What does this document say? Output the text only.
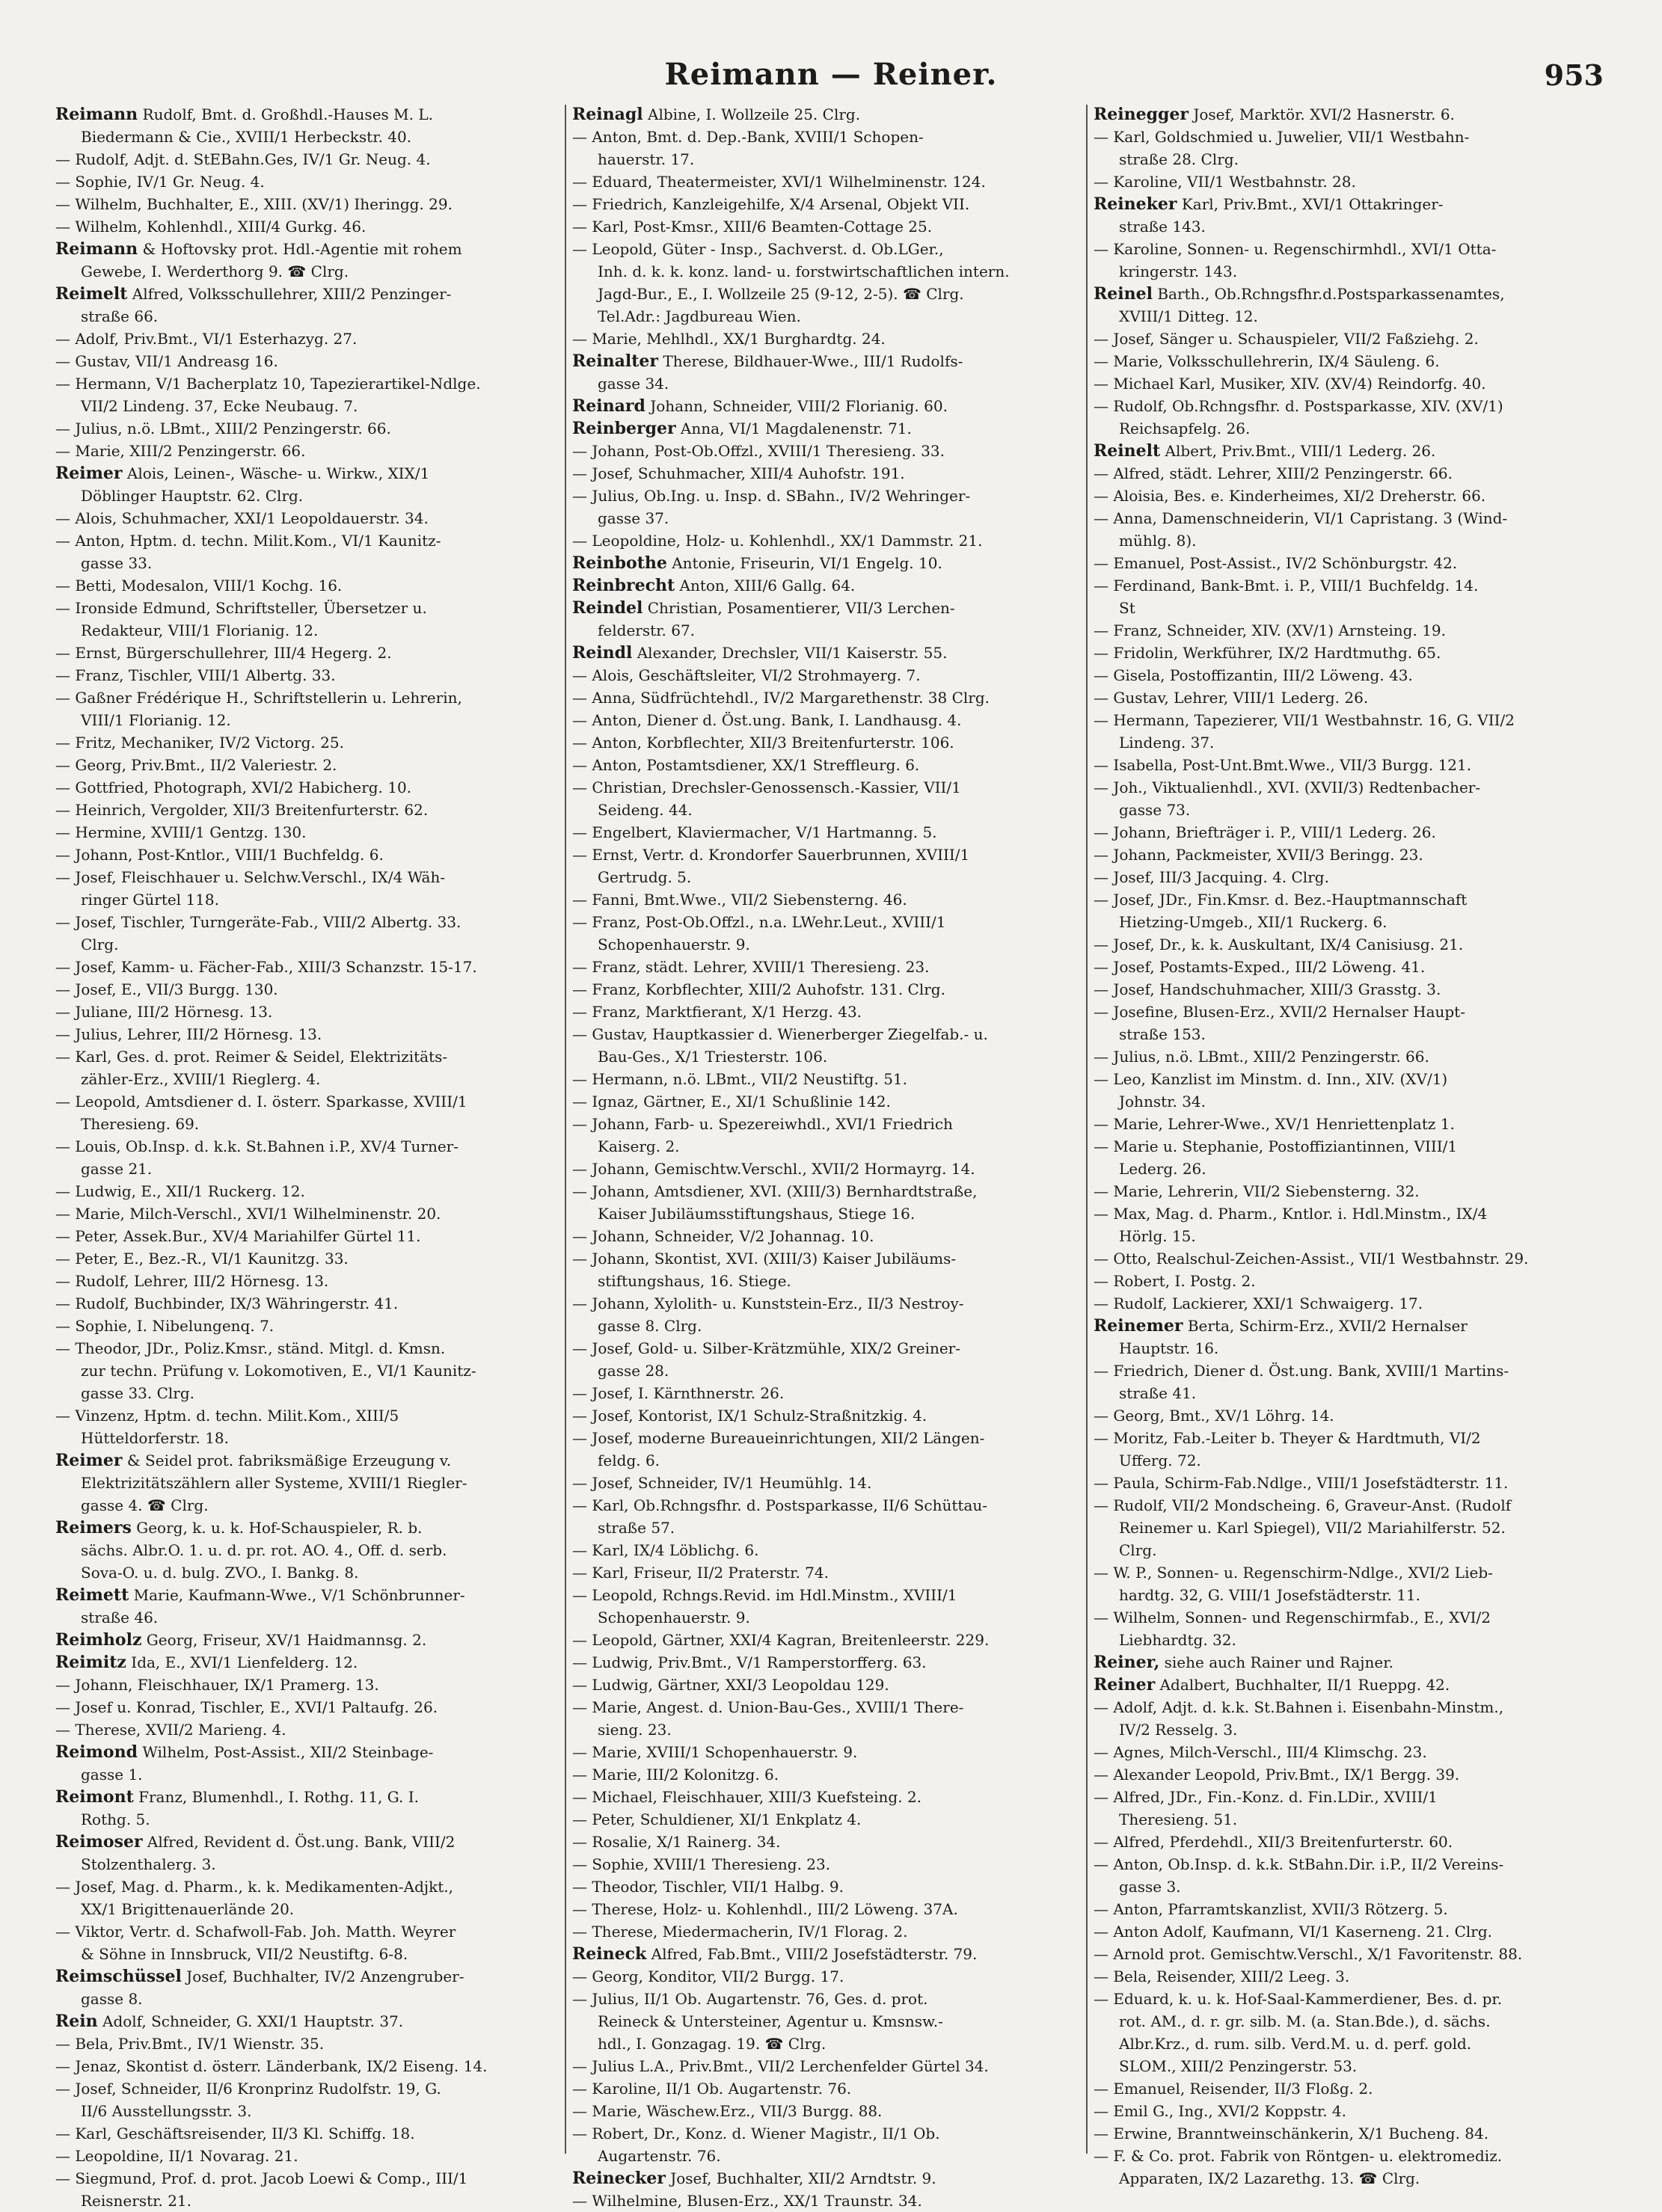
Reimann — Reiner.	953
Reimann Rudolf, Bmt. d. Großhdl.-Hauses M. L.
Biedermann & Cie., XVIII/1 Herbeckstr. 40.
— Rudolf, Adjt. d. StEBahn.Ges, IV/1 Gr. Neug. 4.
— Sophie, IV/1 Gr. Neug. 4.
— Wilhelm, Buchhalter, E., XIII. (XV/1) Iheringg. 29.
— Wilhelm, Kohlenhdl., XIII/4 Gurkg. 46.
Reimann & Hoftovsky prot. Hdl.-Agentie mit rohem
Gewebe, I. Werderthorg 9. ☎ Clrg.
Reimelt Alfred, Volksschullehrer, XIII/2 Penzinger-
straße 66.
— Adolf, Priv.Bmt., VI/1 Esterhazyg. 27.
— Gustav, VII/1 Andreasg 16.
— Hermann, V/1 Bacherplatz 10, Tapezierartikel-Ndlge.
VII/2 Lindeng. 37, Ecke Neubaug. 7.
— Julius, n.ö. LBmt., XIII/2 Penzingerstr. 66.
— Marie, XIII/2 Penzingerstr. 66.
Reimer Alois, Leinen-, Wäsche- u. Wirkw., XIX/1
Döblinger Hauptstr. 62. Clrg.
— Alois, Schuhmacher, XXI/1 Leopoldauerstr. 34.
— Anton, Hptm. d. techn. Milit.Kom., VI/1 Kaunitz-
gasse 33.
— Betti, Modesalon, VIII/1 Kochg. 16.
— Ironside Edmund, Schriftsteller, Übersetzer u.
Redakteur, VIII/1 Florianig. 12.
— Ernst, Bürgerschullehrer, III/4 Hegerg. 2.
— Franz, Tischler, VIII/1 Albertg. 33.
— Gaßner Frédérique H., Schriftstellerin u. Lehrerin,
VIII/1 Florianig. 12.
— Fritz, Mechaniker, IV/2 Victorg. 25.
— Georg, Priv.Bmt., II/2 Valeriestr. 2.
— Gottfried, Photograph, XVI/2 Habicherg. 10.
— Heinrich, Vergolder, XII/3 Breitenfurterstr. 62.
— Hermine, XVIII/1 Gentzg. 130.
— Johann, Post-Kntlor., VIII/1 Buchfeldg. 6.
— Josef, Fleischhauer u. Selchw.Verschl., IX/4 Wäh-
ringer Gürtel 118.
— Josef, Tischler, Turngeräte-Fab., VIII/2 Albertg. 33.
Clrg.
— Josef, Kamm- u. Fächer-Fab., XIII/3 Schanzstr. 15-17.
— Josef, E., VII/3 Burgg. 130.
— Juliane, III/2 Hörnesg. 13.
— Julius, Lehrer, III/2 Hörnesg. 13.
— Karl, Ges. d. prot. Reimer & Seidel, Elektrizitäts-
zähler-Erz., XVIII/1 Rieglerg. 4.
— Leopold, Amtsdiener d. I. österr. Sparkasse, XVIII/1
Theresieng. 69.
— Louis, Ob.Insp. d. k.k. St.Bahnen i.P., XV/4 Turner-
gasse 21.
— Ludwig, E., XII/1 Ruckerg. 12.
— Marie, Milch-Verschl., XVI/1 Wilhelminenstr. 20.
— Peter, Assek.Bur., XV/4 Mariahilfer Gürtel 11.
— Peter, E., Bez.-R., VI/1 Kaunitzg. 33.
— Rudolf, Lehrer, III/2 Hörnesg. 13.
— Rudolf, Buchbinder, IX/3 Währingerstr. 41.
— Sophie, I. Nibelungenq. 7.
— Theodor, JDr., Poliz.Kmsr., ständ. Mitgl. d. Kmsn.
zur techn. Prüfung v. Lokomotiven, E., VI/1 Kaunitz-
gasse 33. Clrg.
— Vinzenz, Hptm. d. techn. Milit.Kom., XIII/5
Hütteldorferstr. 18.
Reimer & Seidel prot. fabriksmäßige Erzeugung v.
Elektrizitätszählern aller Systeme, XVIII/1 Riegler-
gasse 4. ☎ Clrg.
Reimers Georg, k. u. k. Hof-Schauspieler, R. b.
sächs. Albr.O. 1. u. d. pr. rot. AO. 4., Off. d. serb.
Sova-O. u. d. bulg. ZVO., I. Bankg. 8.
Reimett Marie, Kaufmann-Wwe., V/1 Schönbrunner-
straße 46.
Reimholz Georg, Friseur, XV/1 Haidmannsg. 2.
Reimitz Ida, E., XVI/1 Lienfelderg. 12.
— Johann, Fleischhauer, IX/1 Pramerg. 13.
— Josef u. Konrad, Tischler, E., XVI/1 Paltaufg. 26.
— Therese, XVII/2 Marieng. 4.
Reimond Wilhelm, Post-Assist., XII/2 Steinbage-
gasse 1.
Reimont Franz, Blumenhdl., I. Rothg. 11, G. I.
Rothg. 5.
Reimoser Alfred, Revident d. Öst.ung. Bank, VIII/2
Stolzenthalerg. 3.
— Josef, Mag. d. Pharm., k. k. Medikamenten-Adjkt.,
XX/1 Brigittenauerlände 20.
— Viktor, Vertr. d. Schafwoll-Fab. Joh. Matth. Weyrer
& Söhne in Innsbruck, VII/2 Neustiftg. 6-8.
Reimschüssel Josef, Buchhalter, IV/2 Anzengruber-
gasse 8.
Rein Adolf, Schneider, G. XXI/1 Hauptstr. 37.
— Bela, Priv.Bmt., IV/1 Wienstr. 35.
— Jenaz, Skontist d. österr. Länderbank, IX/2 Eiseng. 14.
— Josef, Schneider, II/6 Kronprinz Rudolfstr. 19, G.
II/6 Ausstellungsstr. 3.
— Karl, Geschäftsreisender, II/3 Kl. Schiffg. 18.
— Leopoldine, II/1 Novarag. 21.
— Siegmund, Prof. d. prot. Jacob Loewi & Comp., III/1
Reisnerstr. 21.
Reinagl Albine, I. Wollzeile 25. Clrg.
— Anton, Bmt. d. Dep.-Bank, XVIII/1 Schopen-
hauerstr. 17.
— Eduard, Theatermeister, XVI/1 Wilhelminenstr. 124.
— Friedrich, Kanzleigehilfe, X/4 Arsenal, Objekt VII.
— Karl, Post-Kmsr., XIII/6 Beamten-Cottage 25.
— Leopold, Güter - Insp., Sachverst. d. Ob.LGer.,
Inh. d. k. k. konz. land- u. forstwirtschaftlichen intern.
Jagd-Bur., E., I. Wollzeile 25 (9-12, 2-5). ☎ Clrg.
Tel.Adr.: Jagdbureau Wien.
— Marie, Mehlhdl., XX/1 Burghardtg. 24.
Reinalter Therese, Bildhauer-Wwe., III/1 Rudolfs-
gasse 34.
Reinard Johann, Schneider, VIII/2 Florianig. 60.
Reinberger Anna, VI/1 Magdalenenstr. 71.
— Johann, Post-Ob.Offzl., XVIII/1 Theresieng. 33.
— Josef, Schuhmacher, XIII/4 Auhofstr. 191.
— Julius, Ob.Ing. u. Insp. d. SBahn., IV/2 Wehringer-
gasse 37.
— Leopoldine, Holz- u. Kohlenhdl., XX/1 Dammstr. 21.
Reinbothe Antonie, Friseurin, VI/1 Engelg. 10.
Reinbrecht Anton, XIII/6 Gallg. 64.
Reindel Christian, Posamentierer, VII/3 Lerchen-
felderstr. 67.
Reindl Alexander, Drechsler, VII/1 Kaiserstr. 55.
— Alois, Geschäftsleiter, VI/2 Strohmayerg. 7.
— Anna, Südfrüchtehdl., IV/2 Margarethenstr. 38 Clrg.
— Anton, Diener d. Öst.ung. Bank, I. Landhausg. 4.
— Anton, Korbflechter, XII/3 Breitenfurterstr. 106.
— Anton, Postamtsdiener, XX/1 Streffleurg. 6.
— Christian, Drechsler-Genossensch.-Kassier, VII/1
Seideng. 44.
— Engelbert, Klaviermacher, V/1 Hartmanng. 5.
— Ernst, Vertr. d. Krondorfer Sauerbrunnen, XVIII/1
Gertrudg. 5.
— Fanni, Bmt.Wwe., VII/2 Siebensterng. 46.
— Franz, Post-Ob.Offzl., n.a. LWehr.Leut., XVIII/1
Schopenhauerstr. 9.
— Franz, städt. Lehrer, XVIII/1 Theresieng. 23.
— Franz, Korbflechter, XIII/2 Auhofstr. 131. Clrg.
— Franz, Marktfierant, X/1 Herzg. 43.
— Gustav, Hauptkassier d. Wienerberger Ziegelfab.- u.
Bau-Ges., X/1 Triesterstr. 106.
— Hermann, n.ö. LBmt., VII/2 Neustiftg. 51.
— Ignaz, Gärtner, E., XI/1 Schußlinie 142.
— Johann, Farb- u. Spezereiwhdl., XVI/1 Friedrich
Kaiserg. 2.
— Johann, Gemischtw.Verschl., XVII/2 Hormayrg. 14.
— Johann, Amtsdiener, XVI. (XIII/3) Bernhardtstraße,
Kaiser Jubiläumsstiftungshaus, Stiege 16.
— Johann, Schneider, V/2 Johannag. 10.
— Johann, Skontist, XVI. (XIII/3) Kaiser Jubiläums-
stiftungshaus, 16. Stiege.
— Johann, Xylolith- u. Kunststein-Erz., II/3 Nestroy-
gasse 8. Clrg.
— Josef, Gold- u. Silber-Krätzmühle, XIX/2 Greiner-
gasse 28.
— Josef, I. Kärnthnerstr. 26.
— Josef, Kontorist, IX/1 Schulz-Straßnitzkig. 4.
— Josef, moderne Bureaueinrichtungen, XII/2 Längen-
feldg. 6.
— Josef, Schneider, IV/1 Heumühlg. 14.
— Karl, Ob.Rchngsfhr. d. Postsparkasse, II/6 Schüttau-
straße 57.
— Karl, IX/4 Löblichg. 6.
— Karl, Friseur, II/2 Praterstr. 74.
— Leopold, Rchngs.Revid. im Hdl.Minstm., XVIII/1
Schopenhauerstr. 9.
— Leopold, Gärtner, XXI/4 Kagran, Breitenleerstr. 229.
— Ludwig, Priv.Bmt., V/1 Ramperstorfferg. 63.
— Ludwig, Gärtner, XXI/3 Leopoldau 129.
— Marie, Angest. d. Union-Bau-Ges., XVIII/1 There-
sieng. 23.
— Marie, XVIII/1 Schopenhauerstr. 9.
— Marie, III/2 Kolonitzg. 6.
— Michael, Fleischhauer, XIII/3 Kuefsteing. 2.
— Peter, Schuldiener, XI/1 Enkplatz 4.
— Rosalie, X/1 Rainerg. 34.
— Sophie, XVIII/1 Theresieng. 23.
— Theodor, Tischler, VII/1 Halbg. 9.
— Therese, Holz- u. Kohlenhdl., III/2 Löweng. 37A.
— Therese, Miedermacherin, IV/1 Florag. 2.
Reineck Alfred, Fab.Bmt., VIII/2 Josefstädterstr. 79.
— Georg, Konditor, VII/2 Burgg. 17.
— Julius, II/1 Ob. Augartenstr. 76, Ges. d. prot.
Reineck & Untersteiner, Agentur u. Kmsnsw.-
hdl., I. Gonzagag. 19. ☎ Clrg.
— Julius L.A., Priv.Bmt., VII/2 Lerchenfelder Gürtel 34.
— Karoline, II/1 Ob. Augartenstr. 76.
— Marie, Wäschew.Erz., VII/3 Burgg. 88.
— Robert, Dr., Konz. d. Wiener Magistr., II/1 Ob.
Augartenstr. 76.
Reinecker Josef, Buchhalter, XII/2 Arndtstr. 9.
— Wilhelmine, Blusen-Erz., XX/1 Traunstr. 34.
Reinegger Josef, Marktör. XVI/2 Hasnerstr. 6.
— Karl, Goldschmied u. Juwelier, VII/1 Westbahn-
straße 28. Clrg.
— Karoline, VII/1 Westbahnstr. 28.
Reineker Karl, Priv.Bmt., XVI/1 Ottakringer-
straße 143.
— Karoline, Sonnen- u. Regenschirmhdl., XVI/1 Otta-
kringerstr. 143.
Reinel Barth., Ob.Rchngsfhr.d.Postsparkassenamtes,
XVIII/1 Ditteg. 12.
— Josef, Sänger u. Schauspieler, VII/2 Faßziehg. 2.
— Marie, Volksschullehrerin, IX/4 Säuleng. 6.
— Michael Karl, Musiker, XIV. (XV/4) Reindorfg. 40.
— Rudolf, Ob.Rchngsfhr. d. Postsparkasse, XIV. (XV/1)
Reichsapfelg. 26.
Reinelt Albert, Priv.Bmt., VIII/1 Lederg. 26.
— Alfred, städt. Lehrer, XIII/2 Penzingerstr. 66.
— Aloisia, Bes. e. Kinderheimes, XI/2 Dreherstr. 66.
— Anna, Damenschneiderin, VI/1 Capristang. 3 (Wind-
mühlg. 8).
— Emanuel, Post-Assist., IV/2 Schönburgstr. 42.
— Ferdinand, Bank-Bmt. i. P., VIII/1 Buchfeldg. 14.
St
— Franz, Schneider, XIV. (XV/1) Arnsteing. 19.
— Fridolin, Werkführer, IX/2 Hardtmuthg. 65.
— Gisela, Postoffizantin, III/2 Löweng. 43.
— Gustav, Lehrer, VIII/1 Lederg. 26.
— Hermann, Tapezierer, VII/1 Westbahnstr. 16, G. VII/2
Lindeng. 37.
— Isabella, Post-Unt.Bmt.Wwe., VII/3 Burgg. 121.
— Joh., Viktualienhdl., XVI. (XVII/3) Redtenbacher-
gasse 73.
— Johann, Briefträger i. P., VIII/1 Lederg. 26.
— Johann, Packmeister, XVII/3 Beringg. 23.
— Josef, III/3 Jacquing. 4. Clrg.
— Josef, JDr., Fin.Kmsr. d. Bez.-Hauptmannschaft
Hietzing-Umgeb., XII/1 Ruckerg. 6.
— Josef, Dr., k. k. Auskultant, IX/4 Canisiusg. 21.
— Josef, Postamts-Exped., III/2 Löweng. 41.
— Josef, Handschuhmacher, XIII/3 Grasstg. 3.
— Josefine, Blusen-Erz., XVII/2 Hernalser Haupt-
straße 153.
— Julius, n.ö. LBmt., XIII/2 Penzingerstr. 66.
— Leo, Kanzlist im Minstm. d. Inn., XIV. (XV/1)
Johnstr. 34.
— Marie, Lehrer-Wwe., XV/1 Henriettenplatz 1.
— Marie u. Stephanie, Postoffiziantinnen, VIII/1
Lederg. 26.
— Marie, Lehrerin, VII/2 Siebensterng. 32.
— Max, Mag. d. Pharm., Kntlor. i. Hdl.Minstm., IX/4
Hörlg. 15.
— Otto, Realschul-Zeichen-Assist., VII/1 Westbahnstr. 29.
— Robert, I. Postg. 2.
— Rudolf, Lackierer, XXI/1 Schwaigerg. 17.
Reinemer Berta, Schirm-Erz., XVII/2 Hernalser
Hauptstr. 16.
— Friedrich, Diener d. Öst.ung. Bank, XVIII/1 Martins-
straße 41.
— Georg, Bmt., XV/1 Löhrg. 14.
— Moritz, Fab.-Leiter b. Theyer & Hardtmuth, VI/2
Ufferg. 72.
— Paula, Schirm-Fab.Ndlge., VIII/1 Josefstädterstr. 11.
— Rudolf, VII/2 Mondscheing. 6, Graveur-Anst. (Rudolf
Reinemer u. Karl Spiegel), VII/2 Mariahilferstr. 52.
Clrg.
— W. P., Sonnen- u. Regenschirm-Ndlge., XVI/2 Lieb-
hardtg. 32, G. VIII/1 Josefstädterstr. 11.
— Wilhelm, Sonnen- und Regenschirmfab., E., XVI/2
Liebhardtg. 32.
Reiner, siehe auch Rainer und Rajner.
Reiner Adalbert, Buchhalter, II/1 Rueppg. 42.
— Adolf, Adjt. d. k.k. St.Bahnen i. Eisenbahn-Minstm.,
IV/2 Resselg. 3.
— Agnes, Milch-Verschl., III/4 Klimschg. 23.
— Alexander Leopold, Priv.Bmt., IX/1 Bergg. 39.
— Alfred, JDr., Fin.-Konz. d. Fin.LDir., XVIII/1
Theresieng. 51.
— Alfred, Pferdehdl., XII/3 Breitenfurterstr. 60.
— Anton, Ob.Insp. d. k.k. StBahn.Dir. i.P., II/2 Vereins-
gasse 3.
— Anton, Pfarramtskanzlist, XVII/3 Rötzerg. 5.
— Anton Adolf, Kaufmann, VI/1 Kaserneng. 21. Clrg.
— Arnold prot. Gemischtw.Verschl., X/1 Favoritenstr. 88.
— Bela, Reisender, XIII/2 Leeg. 3.
— Eduard, k. u. k. Hof-Saal-Kammerdiener, Bes. d. pr.
rot. AM., d. r. gr. silb. M. (a. Stan.Bde.), d. sächs.
Albr.Krz., d. rum. silb. Verd.M. u. d. perf. gold.
SLOM., XIII/2 Penzingerstr. 53.
— Emanuel, Reisender, II/3 Floßg. 2.
— Emil G., Ing., XVI/2 Koppstr. 4.
— Erwine, Branntweinschänkerin, X/1 Bucheng. 84.
— F. & Co. prot. Fabrik von Röntgen- u. elektromediz.
Apparaten, IX/2 Lazarethg. 13. ☎ Clrg.
